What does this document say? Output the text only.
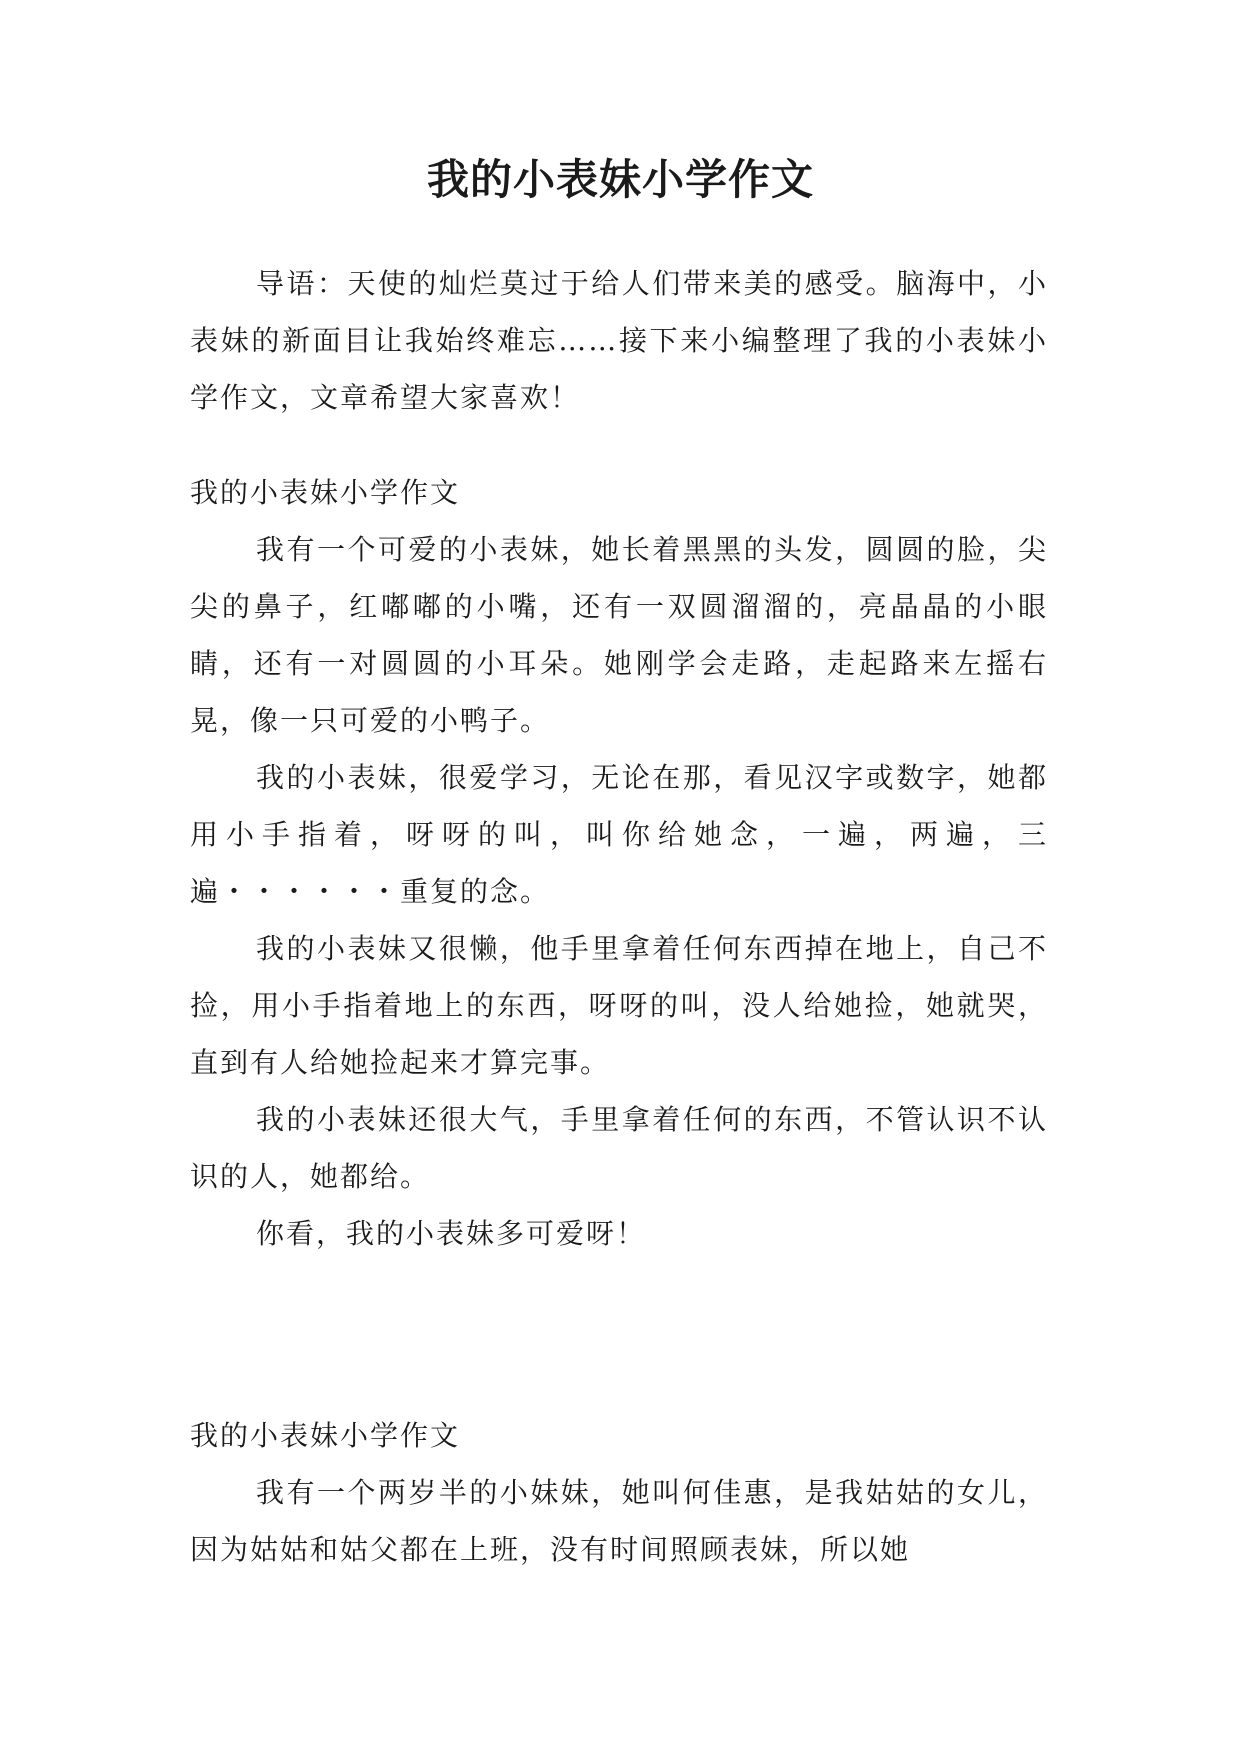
我的小表妹小学作文

导语：天使的灿烂莫过于给人们带来美的感受。脑海中，小表妹的新面目让我始终难忘……接下来小编整理了我的小表妹小学作文，文章希望大家喜欢！

我的小表妹小学作文

我有一个可爱的小表妹，她长着黑黑的头发，圆圆的脸，尖尖的鼻子，红嘟嘟的小嘴，还有一双圆溜溜的，亮晶晶的小眼睛，还有一对圆圆的小耳朵。她刚学会走路，走起路来左摇右晃，像一只可爱的小鸭子。

我的小表妹，很爱学习，无论在那，看见汉字或数字，她都用小手指着，呀呀的叫，叫你给她念，一遍，两遍，三遍・・・・・・重复的念。

我的小表妹又很懒，他手里拿着任何东西掉在地上，自己不捡，用小手指着地上的东西，呀呀的叫，没人给她捡，她就哭，直到有人给她捡起来才算完事。

我的小表妹还很大气，手里拿着任何的东西，不管认识不认识的人，她都给。

你看，我的小表妹多可爱呀！

我的小表妹小学作文

我有一个两岁半的小妹妹，她叫何佳惠，是我姑姑的女儿，因为姑姑和姑父都在上班，没有时间照顾表妹，所以她
